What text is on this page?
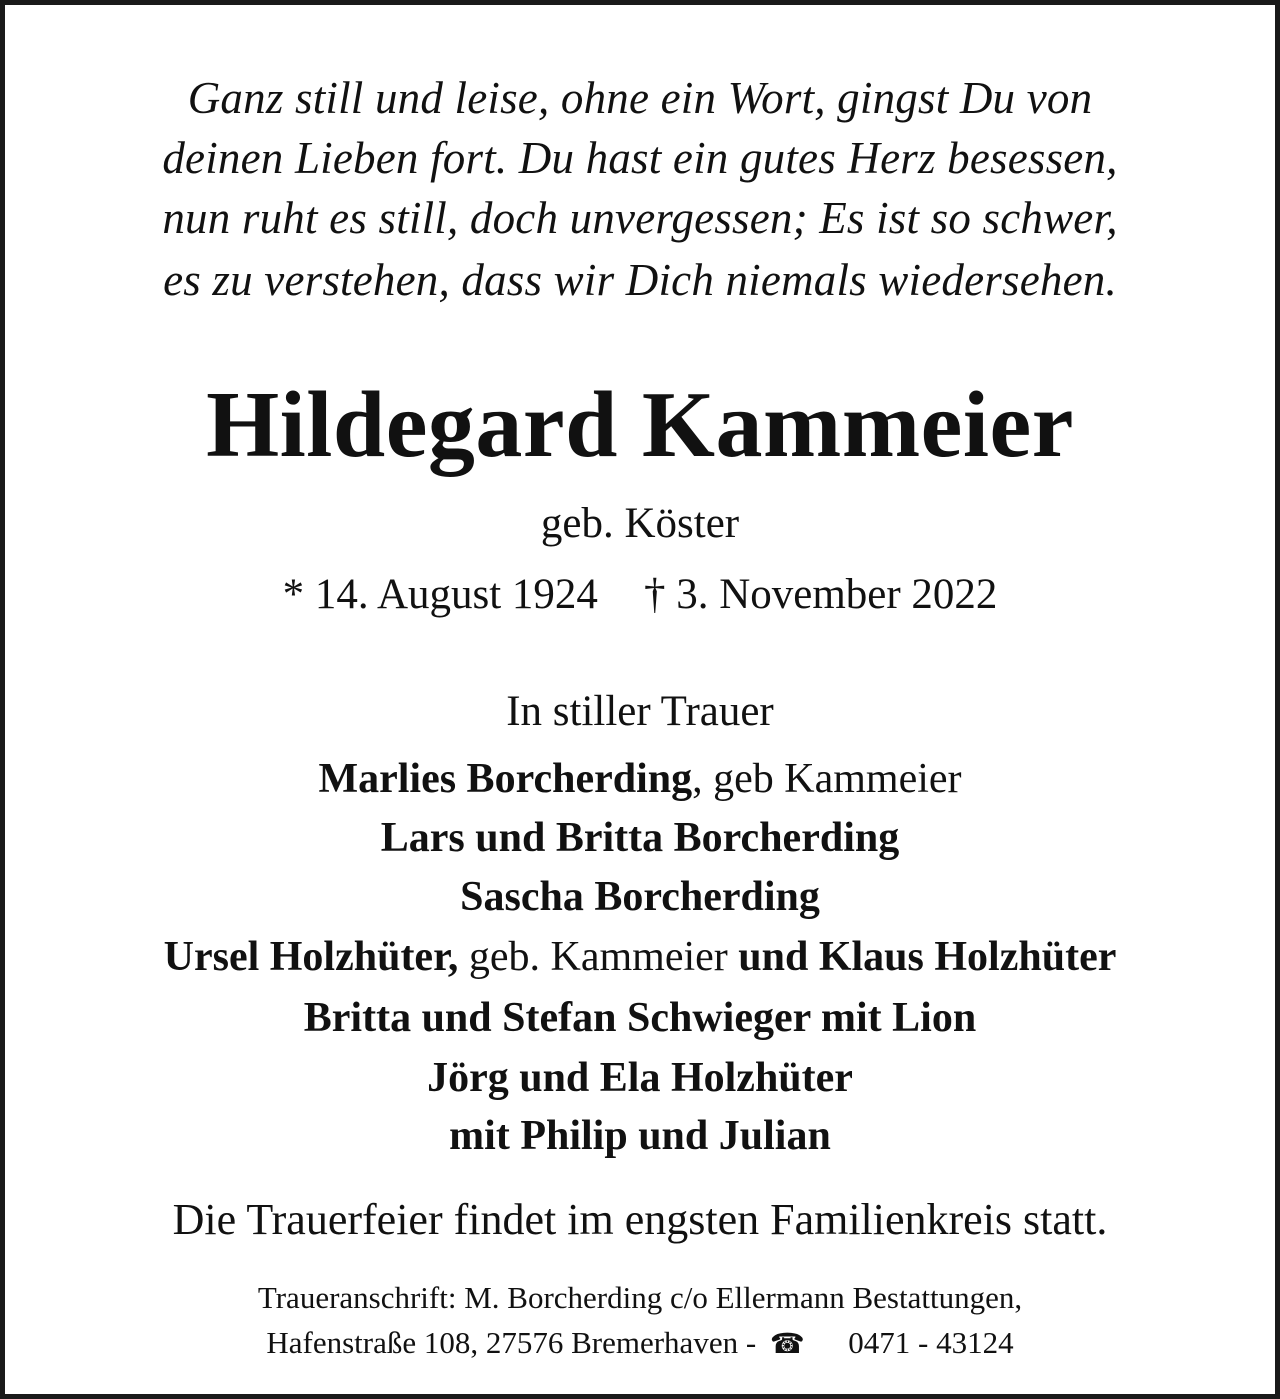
Ganz still und leise, ohne ein Wort, gingst Du von
deinen Lieben fort. Du hast ein gutes Herz besessen,
nun ruht es still, doch unvergessen; Es ist so schwer,
es zu verstehen, dass wir Dich niemals wiedersehen.
Hildegard Kammeier
geb. Köster
* 14. August 1924 † 3. November 2022
In stiller Trauer
Marlies Borcherding, geb Kammeier
Lars und Britta Borcherding
Sascha Borcherding
Ursel Holzhüter, geb. Kammeier und Klaus Holzhüter
Britta und Stefan Schwieger mit Lion
Jörg und Ela Holzhüter
mit Philip und Julian
Die Trauerfeier findet im engsten Familienkreis statt.
Traueranschrift: M. Borcherding c/o Ellermann Bestattungen,
Hafenstraße 108, 27576 Bremerhaven - ☎ 0471 - 43124
